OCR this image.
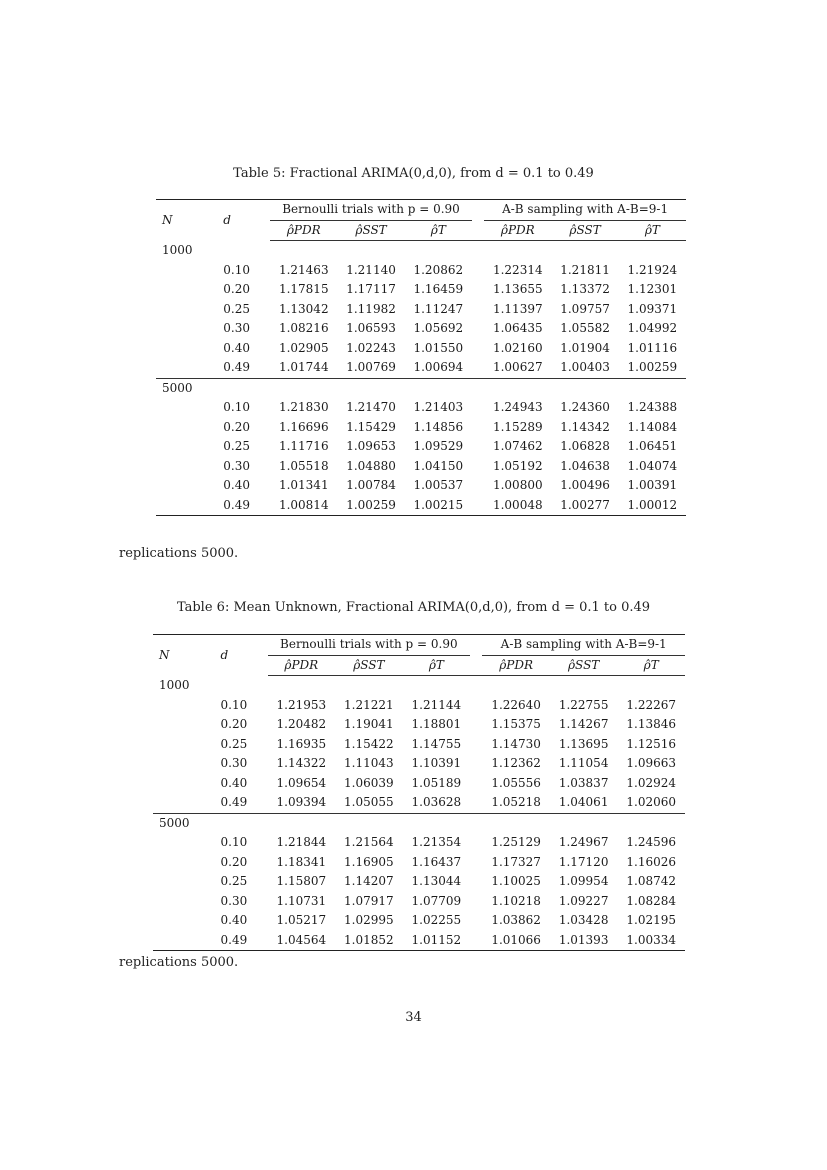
Table 5: Fractional ARIMA(0,d,0), from d = 0.1 to 0.49
N	d	Bernoulli trials with p = 0.90				A-B sampling with A-B=9-1		
		ρ̂PDR	ρ̂SST	ρ̂T		ρ̂PDR	ρ̂SST	ρ̂T
1000								
	0.10	1.21463	1.21140	1.20862		1.22314	1.21811	1.21924
	0.20	1.17815	1.17117	1.16459		1.13655	1.13372	1.12301
	0.25	1.13042	1.11982	1.11247		1.11397	1.09757	1.09371
	0.30	1.08216	1.06593	1.05692		1.06435	1.05582	1.04992
	0.40	1.02905	1.02243	1.01550		1.02160	1.01904	1.01116
	0.49	1.01744	1.00769	1.00694		1.00627	1.00403	1.00259
5000								
	0.10	1.21830	1.21470	1.21403		1.24943	1.24360	1.24388
	0.20	1.16696	1.15429	1.14856		1.15289	1.14342	1.14084
	0.25	1.11716	1.09653	1.09529		1.07462	1.06828	1.06451
	0.30	1.05518	1.04880	1.04150		1.05192	1.04638	1.04074
	0.40	1.01341	1.00784	1.00537		1.00800	1.00496	1.00391
	0.49	1.00814	1.00259	1.00215		1.00048	1.00277	1.00012
replications 5000.
Table 6: Mean Unknown, Fractional ARIMA(0,d,0), from d = 0.1 to 0.49
N	d	Bernoulli trials with p = 0.90				A-B sampling with A-B=9-1		
		ρ̂PDR	ρ̂SST	ρ̂T		ρ̂PDR	ρ̂SST	ρ̂T
1000								
	0.10	1.21953	1.21221	1.21144		1.22640	1.22755	1.22267
	0.20	1.20482	1.19041	1.18801		1.15375	1.14267	1.13846
	0.25	1.16935	1.15422	1.14755		1.14730	1.13695	1.12516
	0.30	1.14322	1.11043	1.10391		1.12362	1.11054	1.09663
	0.40	1.09654	1.06039	1.05189		1.05556	1.03837	1.02924
	0.49	1.09394	1.05055	1.03628		1.05218	1.04061	1.02060
5000								
	0.10	1.21844	1.21564	1.21354		1.25129	1.24967	1.24596
	0.20	1.18341	1.16905	1.16437		1.17327	1.17120	1.16026
	0.25	1.15807	1.14207	1.13044		1.10025	1.09954	1.08742
	0.30	1.10731	1.07917	1.07709		1.10218	1.09227	1.08284
	0.40	1.05217	1.02995	1.02255		1.03862	1.03428	1.02195
	0.49	1.04564	1.01852	1.01152		1.01066	1.01393	1.00334
replications 5000.
34
